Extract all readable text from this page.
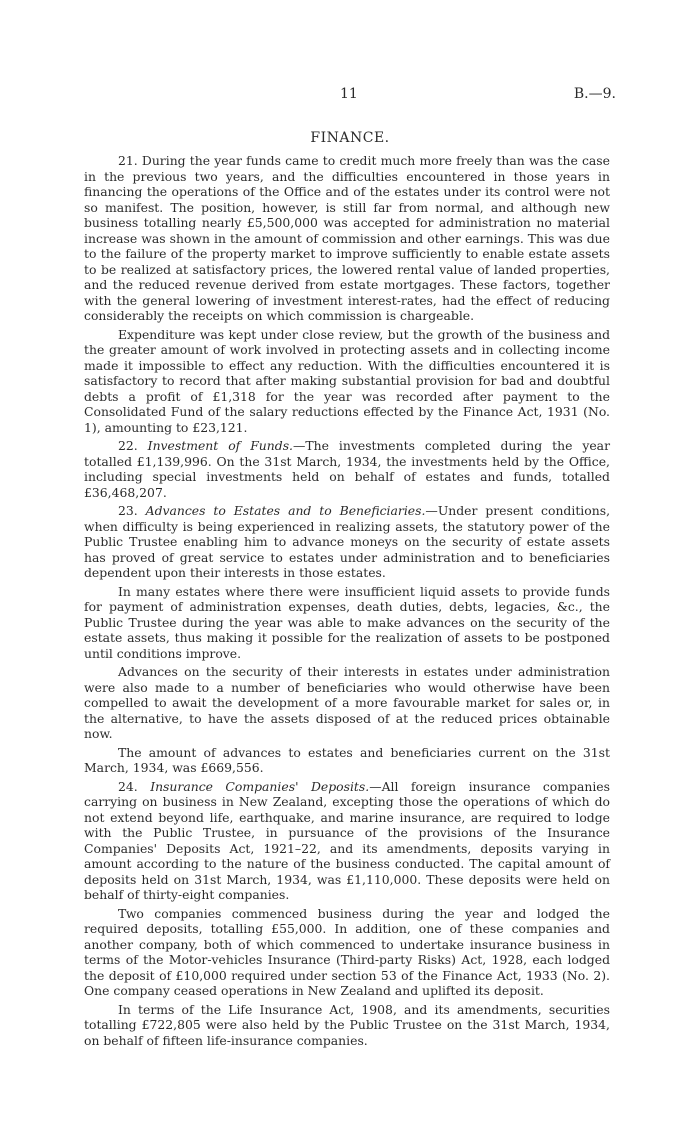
11	B.—9.
FINANCE.

21. During the year funds came to credit much more freely than was the case in the previous two years, and the difficulties encountered in those years in financing the operations of the Office and of the estates under its control were not so manifest. The position, however, is still far from normal, and although new business totalling nearly £5,500,000 was accepted for administration no material increase was shown in the amount of commission and other earnings. This was due to the failure of the property market to improve sufficiently to enable estate assets to be realized at satisfactory prices, the lowered rental value of landed properties, and the reduced revenue derived from estate mortgages. These factors, together with the general lowering of investment interest-rates, had the effect of reducing considerably the receipts on which commission is chargeable.

Expenditure was kept under close review, but the growth of the business and the greater amount of work involved in protecting assets and in collecting income made it impossible to effect any reduction. With the difficulties encountered it is satisfactory to record that after making substantial provision for bad and doubtful debts a profit of £1,318 for the year was recorded after payment to the Consolidated Fund of the salary reductions effected by the Finance Act, 1931 (No. 1), amounting to £23,121.

22. Investment of Funds.—The investments completed during the year totalled £1,139,996. On the 31st March, 1934, the investments held by the Office, including special investments held on behalf of estates and funds, totalled £36,468,207.

23. Advances to Estates and to Beneficiaries.—Under present conditions, when difficulty is being experienced in realizing assets, the statutory power of the Public Trustee enabling him to advance moneys on the security of estate assets has proved of great service to estates under administration and to beneficiaries dependent upon their interests in those estates.

In many estates where there were insufficient liquid assets to provide funds for payment of administration expenses, death duties, debts, legacies, &c., the Public Trustee during the year was able to make advances on the security of the estate assets, thus making it possible for the realization of assets to be postponed until conditions improve.

Advances on the security of their interests in estates under administration were also made to a number of beneficiaries who would otherwise have been compelled to await the development of a more favourable market for sales or, in the alternative, to have the assets disposed of at the reduced prices obtainable now.

The amount of advances to estates and beneficiaries current on the 31st March, 1934, was £669,556.

24. Insurance Companies' Deposits.—All foreign insurance companies carrying on business in New Zealand, excepting those the operations of which do not extend beyond life, earthquake, and marine insurance, are required to lodge with the Public Trustee, in pursuance of the provisions of the Insurance Companies' Deposits Act, 1921–22, and its amendments, deposits varying in amount according to the nature of the business conducted. The capital amount of deposits held on 31st March, 1934, was £1,110,000. These deposits were held on behalf of thirty-eight companies.

Two companies commenced business during the year and lodged the required deposits, totalling £55,000. In addition, one of these companies and another company, both of which commenced to undertake insurance business in terms of the Motor-vehicles Insurance (Third-party Risks) Act, 1928, each lodged the deposit of £10,000 required under section 53 of the Finance Act, 1933 (No. 2). One company ceased operations in New Zealand and uplifted its deposit.

In terms of the Life Insurance Act, 1908, and its amendments, securities totalling £722,805 were also held by the Public Trustee on the 31st March, 1934, on behalf of fifteen life-insurance companies.
